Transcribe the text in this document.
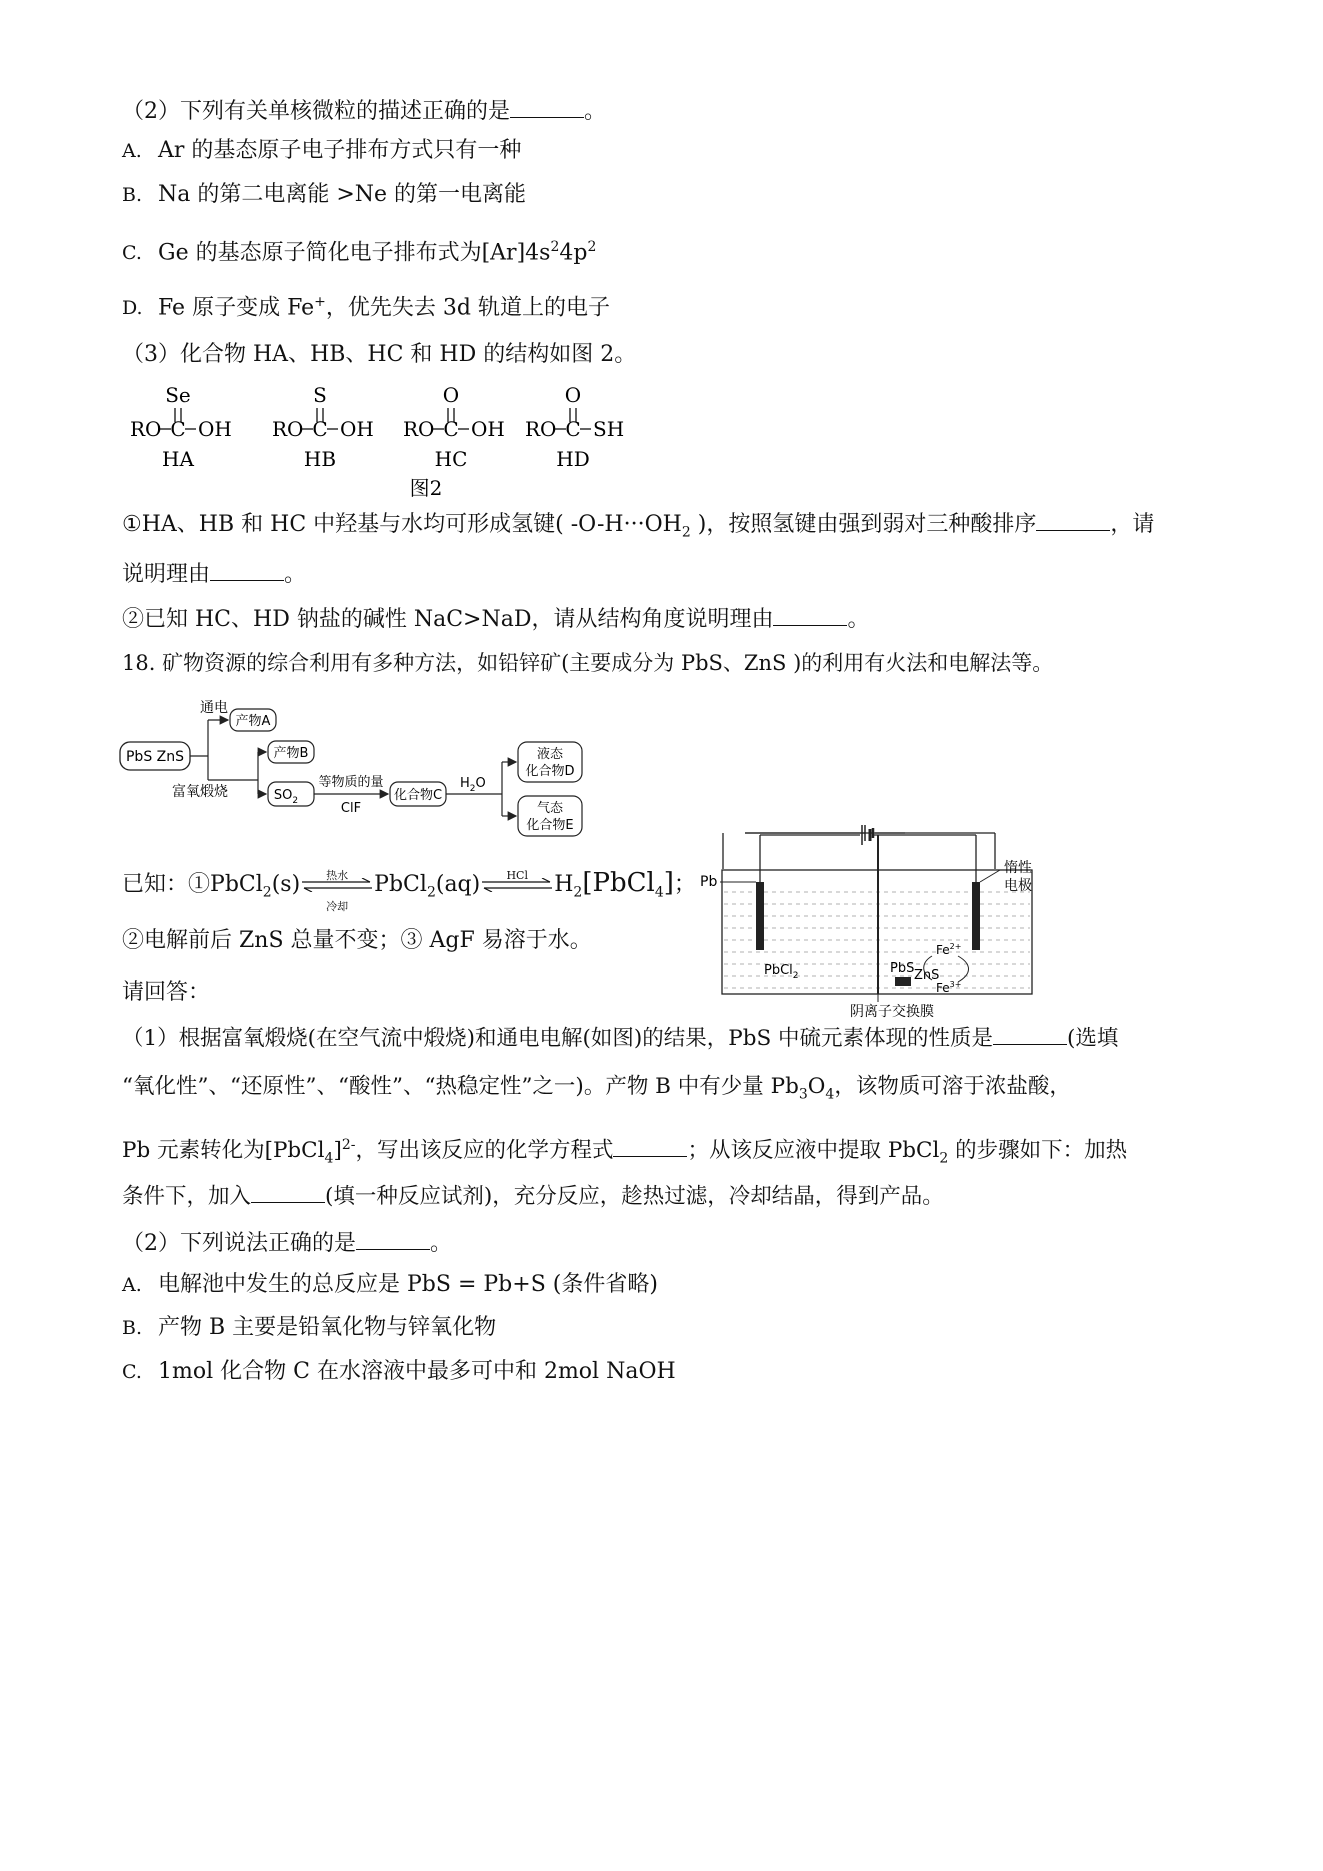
（2）下列有关单核微粒的描述正确的是	。
A. Ar 的基态原子电子排布方式只有一种
B. Na 的第二电离能 >Ne 的第一电离能
C. Ge 的基态原子简化电子排布式为$[Ar]4s^24p^2$
D. Fe 原子变成 Fe+，优先失去 3d 轨道上的电子
（3）化合物 HA、HB、HC 和 HD 的结构如图 2。
Se
RO C OH
HA
S
RO C OH
HB
O
RO C OH
HC
O
RO C SH
HD
图2
①HA、HB 和 HC 中羟基与水均可形成氢键( $-O-H\cdot\cdot\cdot OH_2$ )，按照氢键由强到弱对三种酸排序	，请
说明理由	。
②已知 HC、HD 钠盐的碱性 NaC>NaD，请从结构角度说明理由	。
18. 矿物资源的综合利用有多种方法，如铅锌矿(主要成分为 PbS、ZnS )的利用有火法和电解法等。
PbS ZnS
通电
产物A
富氧煅烧
产物B
$SO_2$
等物质的量
ClF
化合物C
$H_2O$
液态
化合物D
气态
化合物E
Pb
惰性
电极
PbCl$_2$	PbS ZnS
$Fe^{2+}$
$Fe^{3+}$
阴离子交换膜
已知：①PbCl$_2$(s)	热水
冷却
PbCl$_2$(aq)	HCl	$H_2[PbCl_4]$；
②电解前后 ZnS 总量不变；③ AgF 易溶于水。
请回答：
（1）根据富氧煅烧(在空气流中煅烧)和通电电解(如图)的结果，PbS 中硫元素体现的性质是	(选填
“氧化性”、“还原性”、“酸性”、“热稳定性”之一)。产物 B 中有少量 $Pb_3O_4$，该物质可溶于浓盐酸，
Pb 元素转化为[PbCl$_4$]$^{2-}$，写出该反应的化学方程式	；从该反应液中提取 PbCl$_2$ 的步骤如下：加热
条件下，加入	(填一种反应试剂)，充分反应，趁热过滤，冷却结晶，得到产品。
（2）下列说法正确的是	。
A. 电解池中发生的总反应是 PbS = Pb+S (条件省略)
B. 产物 B 主要是铅氧化物与锌氧化物
C. 1mol 化合物 C 在水溶液中最多可中和 2mol NaOH
